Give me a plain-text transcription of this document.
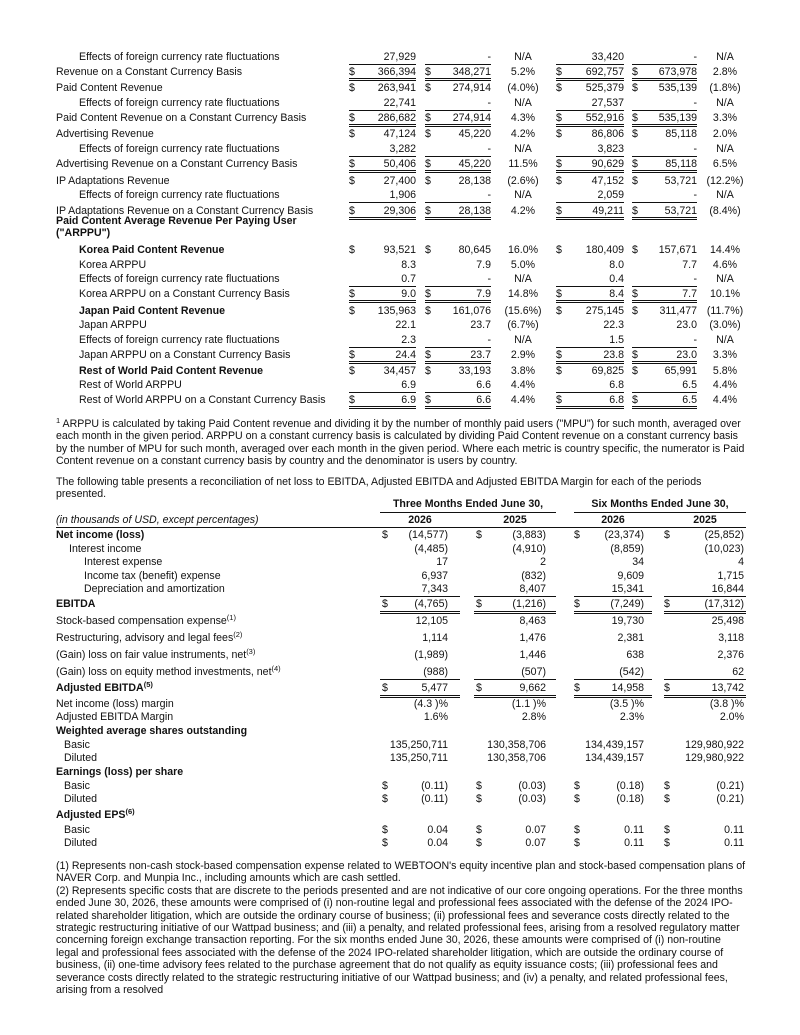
Effects of foreign currency rate fluctuations	27,929	-	N/A	33,420	-	N/A
Revenue on a Constant Currency Basis	$	366,394 $	348,271	5.2%	$	692,757 $	673,978	2.8%
Paid Content Revenue	$	263,941 $	274,914	(4.0%)	$	525,379 $	535,139	(1.8%)
Effects of foreign currency rate fluctuations	22,741	-	N/A	27,537	-	N/A
Paid Content Revenue on a Constant Currency Basis	$	286,682 $	274,914	4.3%	$	552,916 $	535,139	3.3%
Advertising Revenue	$	47,124 $	45,220	4.2%	$	86,806 $	85,118	2.0%
Effects of foreign currency rate fluctuations	3,282	-	N/A	3,823	-	N/A
Advertising Revenue on a Constant Currency Basis	$	50,406 $	45,220	11.5%	$	90,629 $	85,118	6.5%
IP Adaptations Revenue	$	27,400 $	28,138	(2.6%)	$	47,152 $	53,721 (12.2%)
Effects of foreign currency rate fluctuations	1,906	-	N/A	2,059	-	N/A
IP Adaptations Revenue on a Constant Currency Basis	$	29,306 $	28,138	4.2%	$	49,211 $	53,721	(8.4%)
Paid Content Average Revenue Per Paying User ("ARPPU")
Korea Paid Content Revenue	$	93,521 $	80,645	16.0%	$	180,409 $	157,671	14.4%
Korea ARPPU	8.3	7.9	5.0%	8.0	7.7	4.6%
Effects of foreign currency rate fluctuations	0.7	-	N/A	0.4	-	N/A
Korea ARPPU on a Constant Currency Basis	$	9.0 $	7.9	14.8%	$	8.4 $	7.7	10.1%
Japan Paid Content Revenue	$	135,963 $	161,076	(15.6%)	$	275,145 $	311,477 (11.7%)
Japan ARPPU	22.1	23.7	(6.7%)	22.3	23.0	(3.0%)
Effects of foreign currency rate fluctuations	2.3	-	N/A	1.5	-	N/A
Japan ARPPU on a Constant Currency Basis	$	24.4 $	23.7	2.9%	$	23.8 $	23.0	3.3%
Rest of World Paid Content Revenue	$	34,457 $	33,193	3.8%	$	69,825 $	65,991	5.8%
Rest of World ARPPU	6.9	6.6	4.4%	6.8	6.5	4.4%
Rest of World ARPPU on a Constant Currency Basis $	6.9 $	6.6	4.4%	$	6.8 $	6.5	4.4%
$^1$ ARPPU is calculated by taking Paid Content revenue and dividing it by the number of monthly paid users ("MPU") for such month, averaged over each month in the given period. ARPPU on a constant currency basis is calculated by dividing Paid Content revenue on a constant currency basis by the number of MPU for such month, averaged over each month in the given period. Where each metric is country specific, the numerator is Paid Content revenue on a constant currency basis by country and the denominator is users by country.
The following table presents a reconciliation of net loss to EBITDA, Adjusted EBITDA and Adjusted EBITDA Margin for each of the periods presented.
Three Months Ended June 30,	Six Months Ended June 30,
(in thousands of USD, except percentages)	2026	2025	2026	2025
Net income (loss)	$	(14,577)	$	(3,883)	$	(23,374) $	(25,852)
Interest income	(4,485)	(4,910)	(8,859)	(10,023)
Interest expense	17	2	34	4
Income tax (benefit) expense	6,937	(832)	9,609	1,715
Depreciation and amortization	7,343	8,407	15,341	16,844
EBITDA	$	(4,765)	$	(1,216)	$	(7,249) $	(17,312)
Stock-based compensation expense$^{(1)}$	12,105	8,463	19,730	25,498
Restructuring, advisory and legal fees$^{(2)}$	1,114	1,476	2,381	3,118
(Gain) loss on fair value instruments, net$^{(3)}$	(1,989)	1,446	638	2,376
(Gain) loss on equity method investments, net$^{(4)}$	(988)	(507)	(542)	62
Adjusted EBITDA$^{(5)}$	$	5,477	$	9,662	$	14,958 $	13,742
Net income (loss) margin	(4.3 )%	(1.1 )%	(3.5 )%	(3.8 )%
Adjusted EBITDA Margin	1.6%	2.8%	2.3%	2.0%
Weighted average shares outstanding
Basic	135,250,711	130,358,706	134,439,157	129,980,922
Diluted	135,250,711	130,358,706	134,439,157	129,980,922
Earnings (loss) per share
Basic	$	(0.11)	$	(0.03)	$	(0.18) $	(0.21)
Diluted	$	(0.11)	$	(0.03)	$	(0.18) $	(0.21)
Adjusted EPS$^{(6)}$
Basic	$	0.04	$	0.07	$	0.11 $	0.11
Diluted	$	0.04	$	0.07	$	0.11 $	0.11
(1) Represents non-cash stock-based compensation expense related to WEBTOON's equity incentive plan and stock-based compensation plans of NAVER Corp. and Munpia Inc., including amounts which are cash settled.
(2) Represents specific costs that are discrete to the periods presented and are not indicative of our core ongoing operations. For the three months ended June 30, 2026, these amounts were comprised of (i) non-routine legal and professional fees associated with the defense of the 2024 IPO-related shareholder litigation, which are outside the ordinary course of business; (ii) professional fees and severance costs directly related to the strategic restructuring initiative of our Wattpad business; and (iii) a penalty, and related professional fees, arising from a resolved regulatory matter concerning foreign exchange transaction reporting. For the six months ended June 30, 2026, these amounts were comprised of (i) non-routine legal and professional fees associated with the defense of the 2024 IPO-related shareholder litigation, which are outside the ordinary course of business, (ii) one-time advisory fees related to the purchase agreement that do not qualify as equity issuance costs; (iii) professional fees and severance costs directly related to the strategic restructuring initiative of our Wattpad business; and (iv) a penalty, and related professional fees, arising from a resolved
